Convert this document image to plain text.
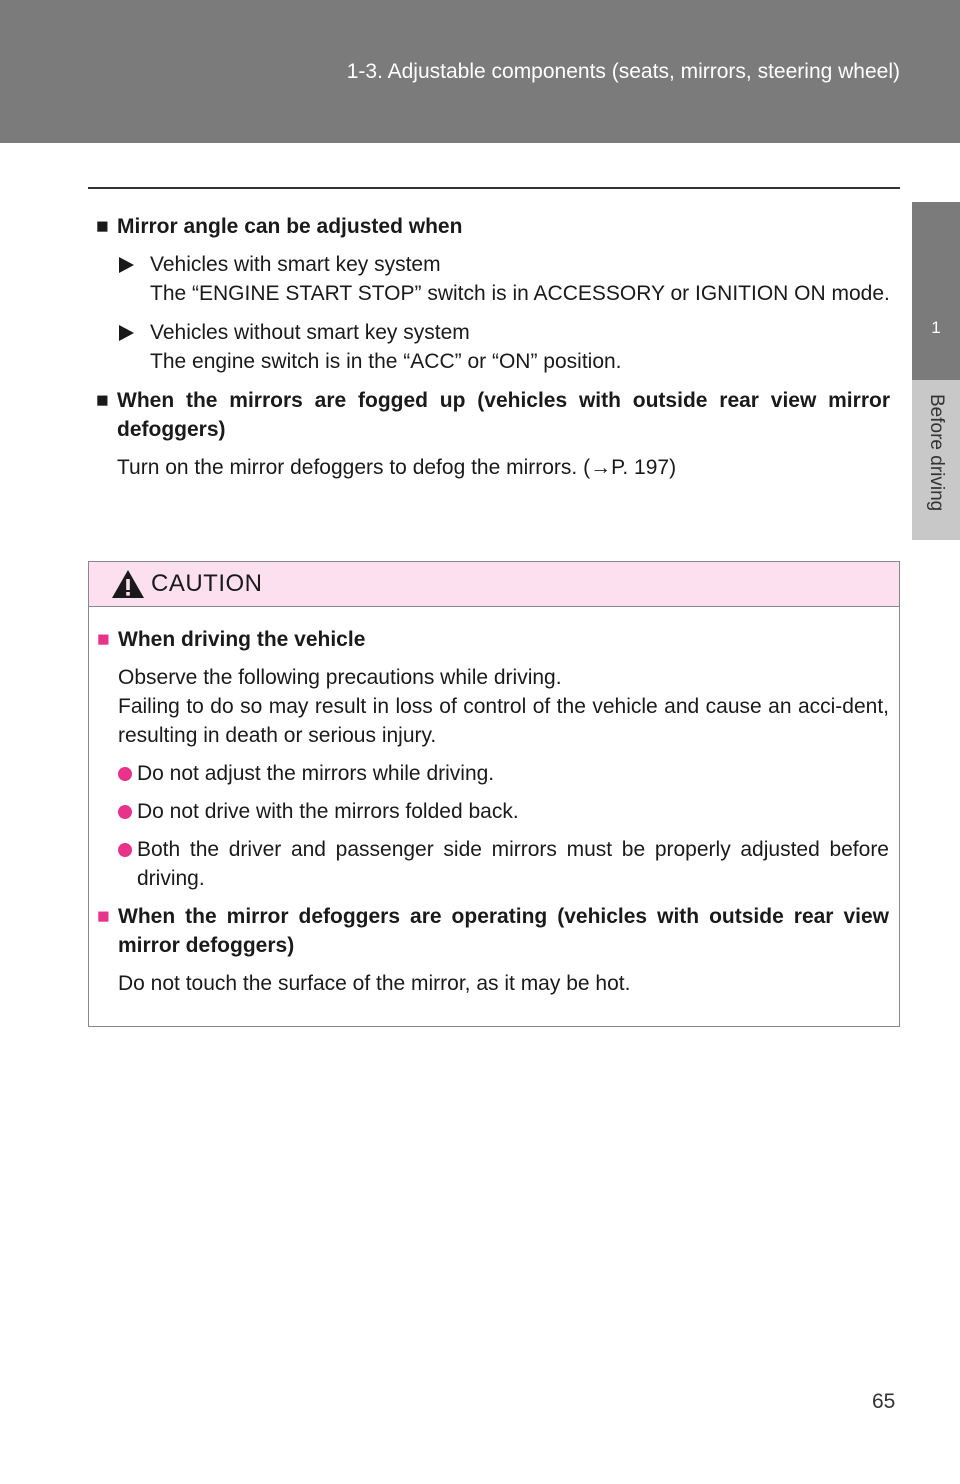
1-3. Adjustable components (seats, mirrors, steering wheel)
1
Before driving

■ Mirror angle can be adjusted when

Vehicles with smart key system

The “ENGINE START STOP” switch is in ACCESSORY or IGNITION ON mode.

Vehicles without smart key system

The engine switch is in the “ACC” or “ON” position.

■ When the mirrors are fogged up (vehicles with outside rear view mirror defoggers)

Turn on the mirror defoggers to defog the mirrors. (→P. 197)

CAUTION

■ When driving the vehicle

Observe the following precautions while driving.

Failing to do so may result in loss of control of the vehicle and cause an acci-dent, resulting in death or serious injury.

Do not adjust the mirrors while driving.

Do not drive with the mirrors folded back.

Both the driver and passenger side mirrors must be properly adjusted before driving.

■ When the mirror defoggers are operating (vehicles with outside rear view mirror defoggers)

Do not touch the surface of the mirror, as it may be hot.

65
